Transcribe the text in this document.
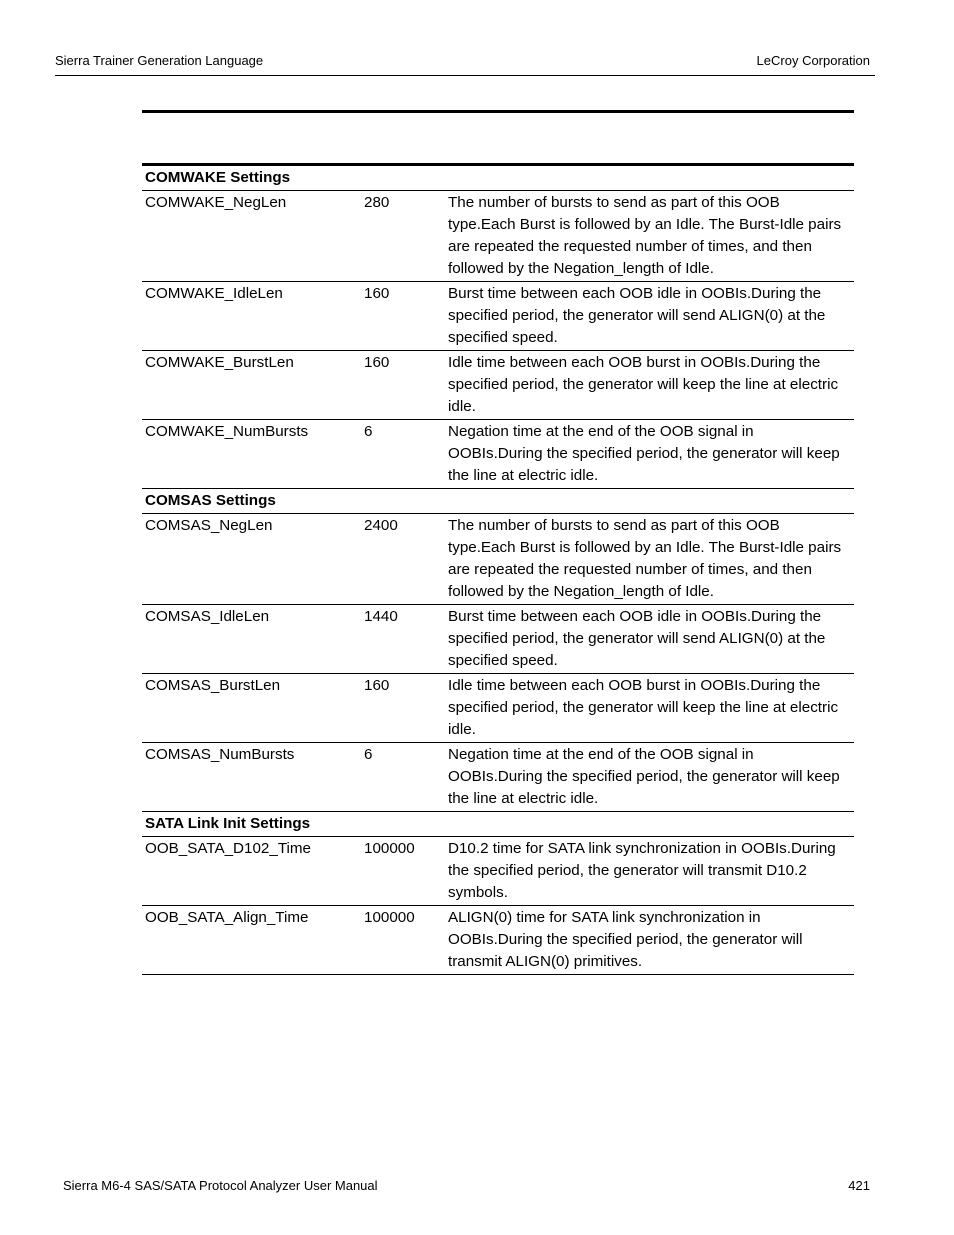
Sierra Trainer Generation Language	LeCroy Corporation
COMWAKE Settings		
COMWAKE_NegLen	280	The number of bursts to send as part of this OOB type.Each Burst is followed by an Idle. The Burst-Idle pairs are repeated the requested number of times, and then followed by the Negation_length of Idle.
COMWAKE_IdleLen	160	Burst time between each OOB idle in OOBIs.During the specified period, the generator will send ALIGN(0) at the specified speed.
COMWAKE_BurstLen	160	Idle time between each OOB burst in OOBIs.During the specified period, the generator will keep the line at electric idle.
COMWAKE_NumBursts	6	Negation time at the end of the OOB signal in OOBIs.During the specified period, the generator will keep the line at electric idle.
COMSAS Settings		
COMSAS_NegLen	2400	The number of bursts to send as part of this OOB type.Each Burst is followed by an Idle. The Burst-Idle pairs are repeated the requested number of times, and then followed by the Negation_length of Idle.
COMSAS_IdleLen	1440	Burst time between each OOB idle in OOBIs.During the specified period, the generator will send ALIGN(0) at the specified speed.
COMSAS_BurstLen	160	Idle time between each OOB burst in OOBIs.During the specified period, the generator will keep the line at electric idle.
COMSAS_NumBursts	6	Negation time at the end of the OOB signal in OOBIs.During the specified period, the generator will keep the line at electric idle.
SATA Link Init Settings		
OOB_SATA_D102_Time	100000	D10.2 time for SATA link synchronization in OOBIs.During the specified period, the generator will transmit D10.2 symbols.
OOB_SATA_Align_Time	100000	ALIGN(0) time for SATA link synchronization in OOBIs.During the specified period, the generator will transmit ALIGN(0) primitives.
Sierra M6-4 SAS/SATA Protocol Analyzer User Manual	421
